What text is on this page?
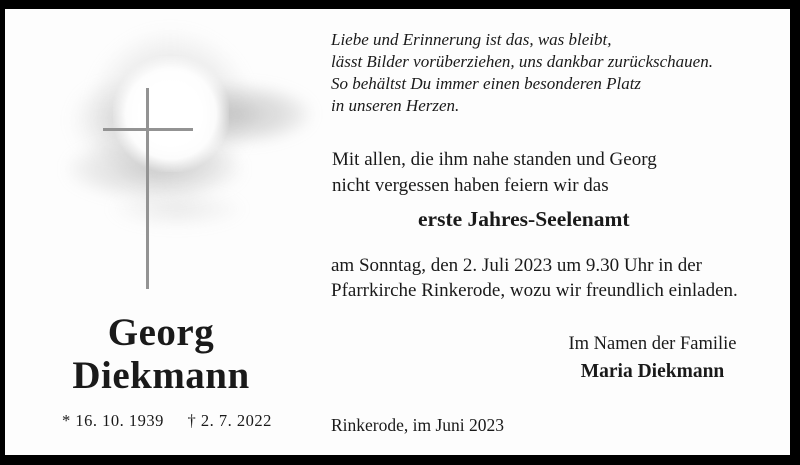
Liebe und Erinnerung ist das, was bleibt,
lässt Bilder vorüberziehen, uns dankbar zurückschauen.
So behältst Du immer einen besonderen Platz
in unseren Herzen.
Mit allen, die ihm nahe standen und Georg
nicht vergessen haben feiern wir das
erste Jahres-Seelenamt
am Sonntag, den 2. Juli 2023 um 9.30 Uhr in der
Pfarrkirche Rinkerode, wozu wir freundlich einladen.
Im Namen der Familie
Maria Diekmann
Georg
Diekmann
* 16. 10. 1939 † 2. 7. 2022	Rinkerode, im Juni 2023
